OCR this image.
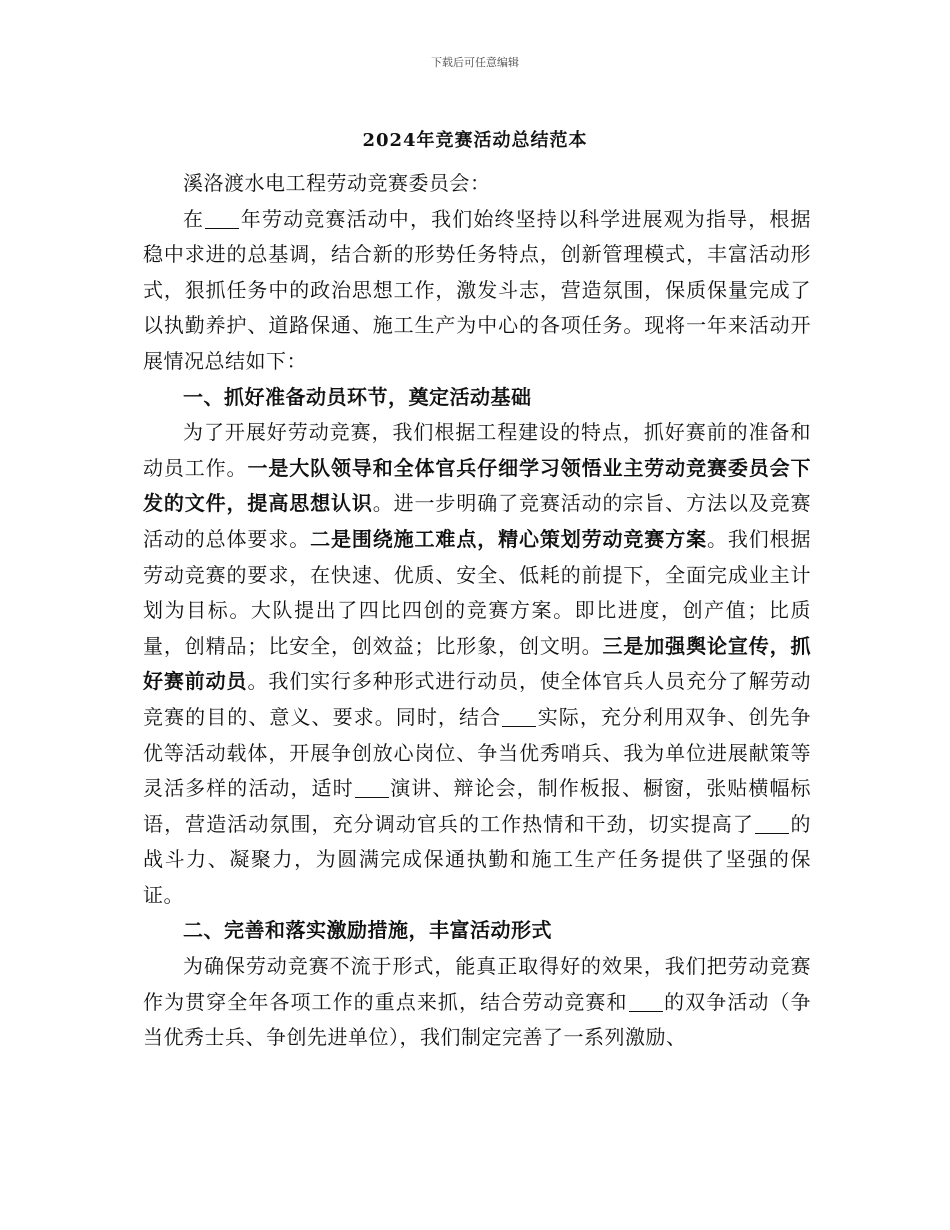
下载后可任意编辑
2024年竞赛活动总结范本

溪洛渡水电工程劳动竞赛委员会：

在 年劳动竞赛活动中，我们始终坚持以科学进展观为指导，根据稳中求进的总基调，结合新的形势任务特点，创新管理模式，丰富活动形式，狠抓任务中的政治思想工作，激发斗志，营造氛围，保质保量完成了以执勤养护、道路保通、施工生产为中心的各项任务。现将一年来活动开展情况总结如下：

一、抓好准备动员环节，奠定活动基础

为了开展好劳动竞赛，我们根据工程建设的特点，抓好赛前的准备和动员工作。一是大队领导和全体官兵仔细学习领悟业主劳动竞赛委员会下发的文件，提高思想认识。进一步明确了竞赛活动的宗旨、方法以及竞赛活动的总体要求。二是围绕施工难点，精心策划劳动竞赛方案。我们根据劳动竞赛的要求，在快速、优质、安全、低耗的前提下，全面完成业主计划为目标。大队提出了四比四创的竞赛方案。即比进度，创产值；比质量，创精品；比安全，创效益；比形象，创文明。三是加强舆论宣传，抓好赛前动员。我们实行多种形式进行动员，使全体官兵人员充分了解劳动竞赛的目的、意义、要求。同时，结合 实际，充分利用双争、创先争优等活动载体，开展争创放心岗位、争当优秀哨兵、我为单位进展献策等灵活多样的活动，适时 演讲、辩论会，制作板报、橱窗，张贴横幅标语，营造活动氛围，充分调动官兵的工作热情和干劲，切实提高了 的战斗力、凝聚力，为圆满完成保通执勤和施工生产任务提供了坚强的保证。

二、完善和落实激励措施，丰富活动形式

为确保劳动竞赛不流于形式，能真正取得好的效果，我们把劳动竞赛作为贯穿全年各项工作的重点来抓，结合劳动竞赛和 的双争活动（争当优秀士兵、争创先进单位），我们制定完善了一系列激励、
